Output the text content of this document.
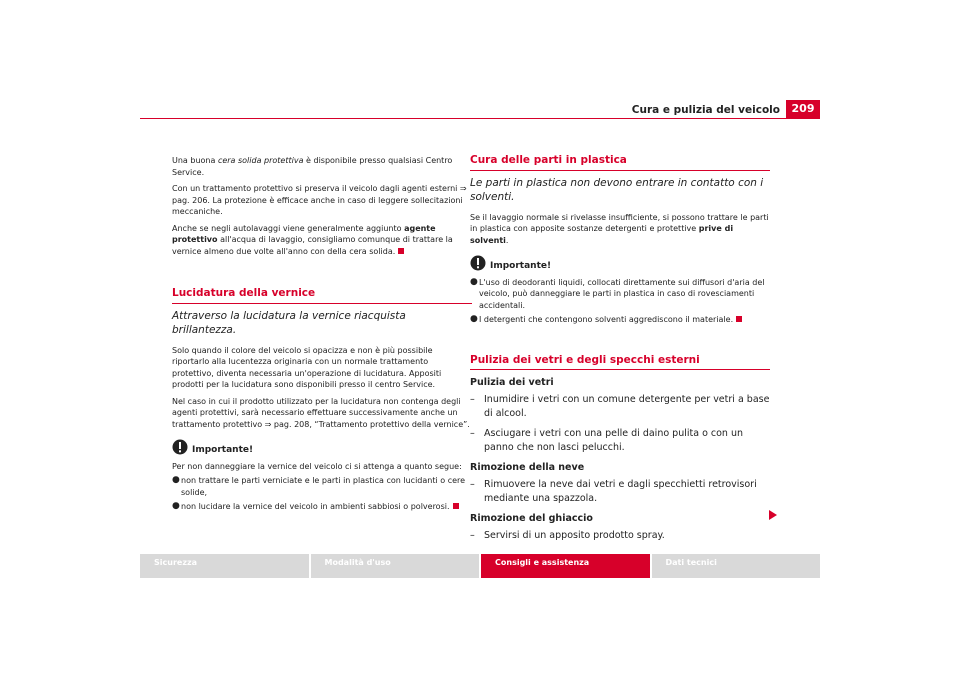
Cura e pulizia del veicolo	209

Una buona cera solida protettiva è disponibile presso qualsiasi Centro Service.

Con un trattamento protettivo si preserva il veicolo dagli agenti esterni ⇒ pag. 206. La protezione è efficace anche in caso di leggere sollecitazioni meccaniche.

Anche se negli autolavaggi viene generalmente aggiunto agente protettivo all'acqua di lavaggio, consigliamo comunque di trattare la vernice almeno due volte all'anno con della cera solida.

Lucidatura della vernice
Attraverso la lucidatura la vernice riacquista brillantezza.

Solo quando il colore del veicolo si opacizza e non è più possibile riportarlo alla lucentezza originaria con un normale trattamento protettivo, diventa necessaria un'operazione di lucidatura. Appositi prodotti per la lucidatura sono disponibili presso il centro Service.

Nel caso in cui il prodotto utilizzato per la lucidatura non contenga degli agenti protettivi, sarà necessario effettuare successivamente anche un trattamento protettivo ⇒ pag. 208, “Trattamento protettivo della vernice”.

Importante!

Per non danneggiare la vernice del veicolo ci si attenga a quanto segue:

● non trattare le parti verniciate e le parti in plastica con lucidanti o cere solide,
● non lucidare la vernice del veicolo in ambienti sabbiosi o polverosi.
Cura delle parti in plastica
Le parti in plastica non devono entrare in contatto con i solventi.

Se il lavaggio normale si rivelasse insufficiente, si possono trattare le parti in plastica con apposite sostanze detergenti e protettive prive di solventi.

Importante!
● L'uso di deodoranti liquidi, collocati direttamente sui diffusori d'aria del veicolo, può danneggiare le parti in plastica in caso di rovesciamenti accidentali.
● I detergenti che contengono solventi aggrediscono il materiale.
Pulizia dei vetri e degli specchi esterni
Pulizia dei vetri
– Inumidire i vetri con un comune detergente per vetri a base di alcool.
– Asciugare i vetri con una pelle di daino pulita o con un panno che non lasci pelucchi.
Rimozione della neve
– Rimuovere la neve dai vetri e dagli specchietti retrovisori mediante una spazzola.
Rimozione del ghiaccio
– Servirsi di un apposito prodotto spray.
Sicurezza	Modalità d'uso	Consigli e assistenza	Dati tecnici
